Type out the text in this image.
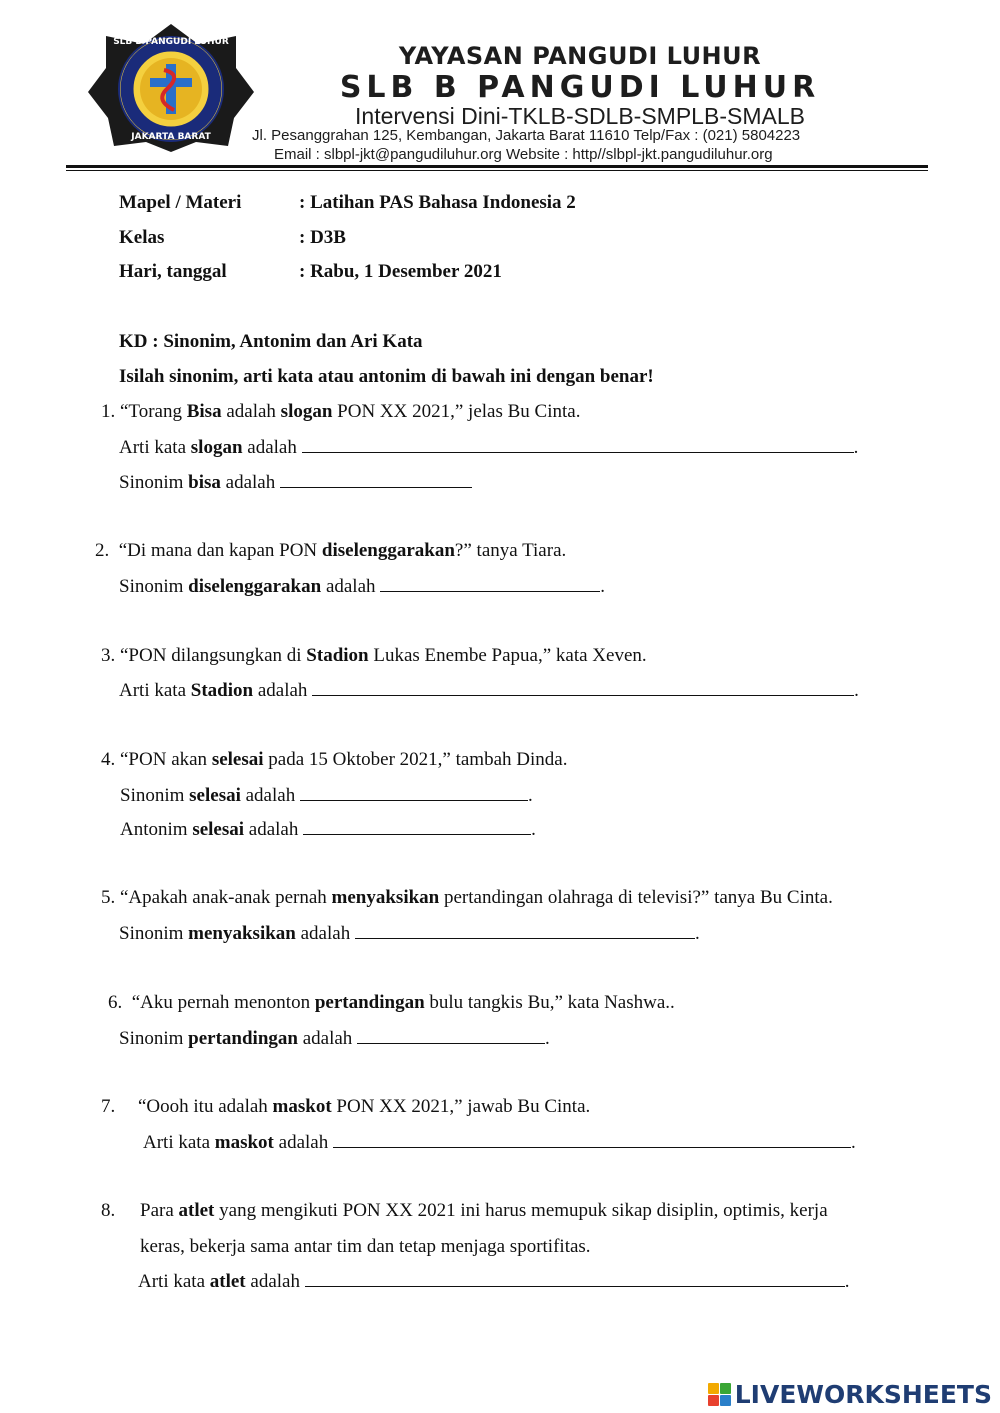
SLB B PANGUDI LUHUR
JAKARTA BARAT
YAYASAN PANGUDI LUHUR
SLB B PANGUDI LUHUR
Intervensi Dini-TKLB-SDLB-SMPLB-SMALB
Jl. Pesanggrahan 125, Kembangan, Jakarta Barat 11610 Telp/Fax : (021) 5804223
Email : slbpl-jkt@pangudiluhur.org Website : http//slbpl-jkt.pangudiluhur.org
Mapel / Materi	: Latihan PAS Bahasa Indonesia 2
Kelas	: D3B
Hari, tanggal	: Rabu, 1 Desember 2021
KD : Sinonim, Antonim dan Ari Kata
Isilah sinonim, arti kata atau antonim di bawah ini dengan benar!
1. “Torang Bisa adalah slogan PON XX 2021,” jelas Bu Cinta.
Arti kata slogan adalah	.
Sinonim bisa adalah
2. “Di mana dan kapan PON diselenggarakan?” tanya Tiara.
Sinonim diselenggarakan adalah	.
3. “PON dilangsungkan di Stadion Lukas Enembe Papua,” kata Xeven.
Arti kata Stadion adalah	.
4. “PON akan selesai pada 15 Oktober 2021,” tambah Dinda.
Sinonim selesai adalah	.
Antonim selesai adalah	.
5. “Apakah anak-anak pernah menyaksikan pertandingan olahraga di televisi?” tanya Bu Cinta.
Sinonim menyaksikan adalah	.
6. “Aku pernah menonton pertandingan bulu tangkis Bu,” kata Nashwa..
Sinonim pertandingan adalah	.
7. “Oooh itu adalah maskot PON XX 2021,” jawab Bu Cinta.
Arti kata maskot adalah	.
8. Para atlet yang mengikuti PON XX 2021 ini harus memupuk sikap disiplin, optimis, kerja
keras, bekerja sama antar tim dan tetap menjaga sportifitas.
Arti kata atlet adalah	.
LIVEWORKSHEETS
